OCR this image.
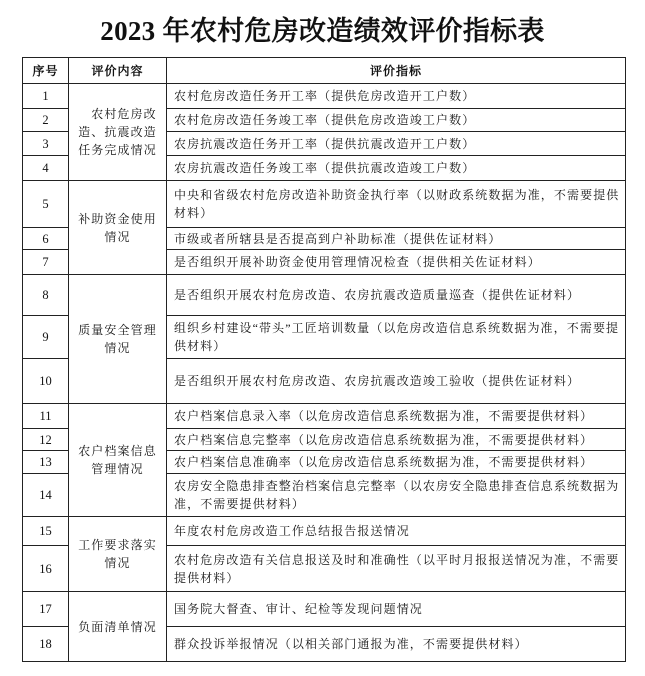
2023 年农村危房改造绩效评价指标表
序号	评价内容	评价指标
1	农村危房改造、抗震改造任务完成情况	农村危房改造任务开工率（提供危房改造开工户数）
2		农村危房改造任务竣工率（提供危房改造竣工户数）
3		农房抗震改造任务开工率（提供抗震改造开工户数）
4		农房抗震改造任务竣工率（提供抗震改造竣工户数）
5	补助资金使用情况	中央和省级农村危房改造补助资金执行率（以财政系统数据为准，不需要提供材料）
6		市级或者所辖县是否提高到户补助标准（提供佐证材料）
7		是否组织开展补助资金使用管理情况检查（提供相关佐证材料）
8	质量安全管理情况	是否组织开展农村危房改造、农房抗震改造质量巡查（提供佐证材料）
9		组织乡村建设“带头”工匠培训数量（以危房改造信息系统数据为准，不需要提供材料）
10		是否组织开展农村危房改造、农房抗震改造竣工验收（提供佐证材料）
11	农户档案信息管理情况	农户档案信息录入率（以危房改造信息系统数据为准，不需要提供材料）
12		农户档案信息完整率（以危房改造信息系统数据为准，不需要提供材料）
13		农户档案信息准确率（以危房改造信息系统数据为准，不需要提供材料）
14		农房安全隐患排查整治档案信息完整率（以农房安全隐患排查信息系统数据为准，不需要提供材料）
15	工作要求落实情况	年度农村危房改造工作总结报告报送情况
16		农村危房改造有关信息报送及时和准确性（以平时月报报送情况为准，不需要提供材料）
17	负面清单情况	国务院大督查、审计、纪检等发现问题情况
18		群众投诉举报情况（以相关部门通报为准，不需要提供材料）
